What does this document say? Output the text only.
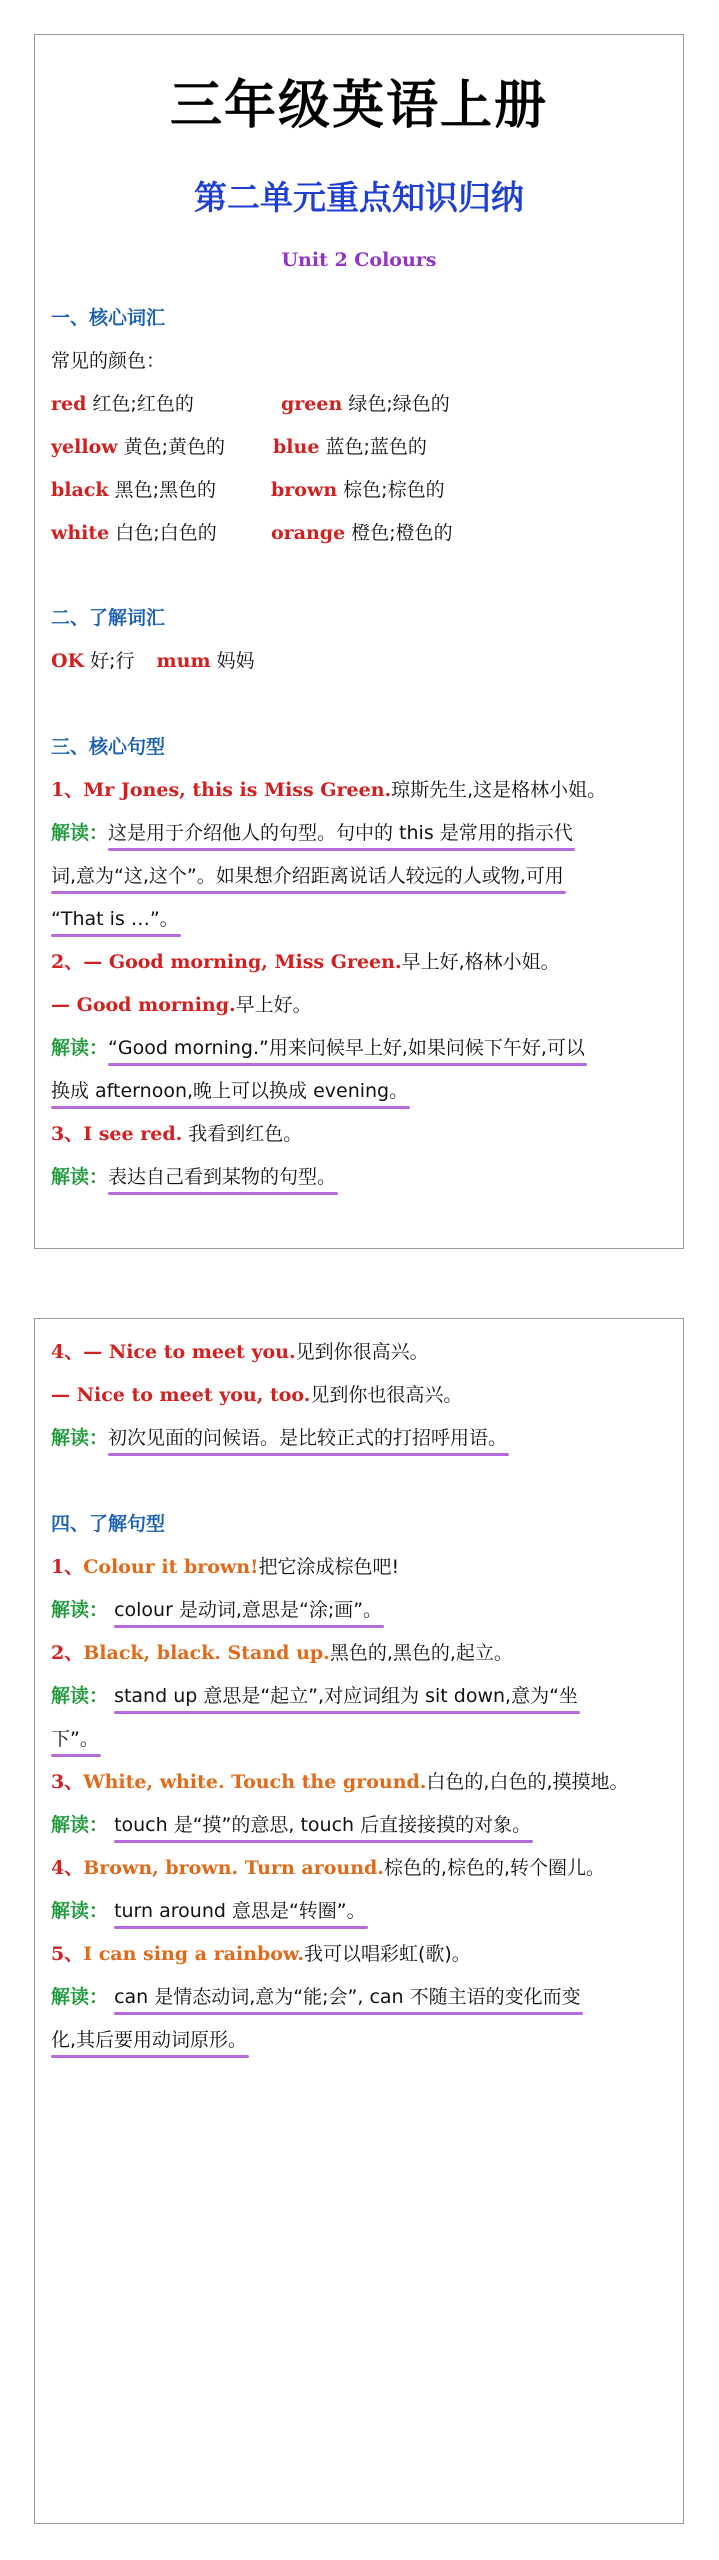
三年级英语上册
第二单元重点知识归纳
Unit 2 Colours
一、核心词汇
常见的颜色：
red 红色;红色的	green 绿色;绿色的
yellow 黄色;黄色的	blue 蓝色;蓝色的
black 黑色;黑色的	brown 棕色;棕色的
white 白色;白色的	orange 橙色;橙色的
二、了解词汇
OK 好;行 mum 妈妈
三、核心句型
1、Mr Jones, this is Miss Green.琼斯先生,这是格林小姐。
解读：这是用于介绍他人的句型。句中的 this 是常用的指示代
词,意为“这,这个”。如果想介绍距离说话人较远的人或物,可用
“That is …”。
2、— Good morning, Miss Green.早上好,格林小姐。
— Good morning.早上好。
解读：“Good morning.”用来问候早上好,如果问候下午好,可以
换成 afternoon,晚上可以换成 evening。
3、I see red. 我看到红色。
解读：表达自己看到某物的句型。
4、— Nice to meet you.见到你很高兴。
— Nice to meet you, too.见到你也很高兴。
解读：初次见面的问候语。是比较正式的打招呼用语。
四、了解句型
1、Colour it brown!把它涂成棕色吧!
解读： colour 是动词,意思是“涂;画”。
2、Black, black. Stand up.黑色的,黑色的,起立。
解读： stand up 意思是“起立”,对应词组为 sit down,意为“坐
下”。
3、White, white. Touch the ground.白色的,白色的,摸摸地。
解读： touch 是“摸”的意思, touch 后直接接摸的对象。
4、Brown, brown. Turn around.棕色的,棕色的,转个圈儿。
解读： turn around 意思是“转圈”。
5、I can sing a rainbow.我可以唱彩虹(歌)。
解读： can 是情态动词,意为“能;会”, can 不随主语的变化而变
化,其后要用动词原形。
